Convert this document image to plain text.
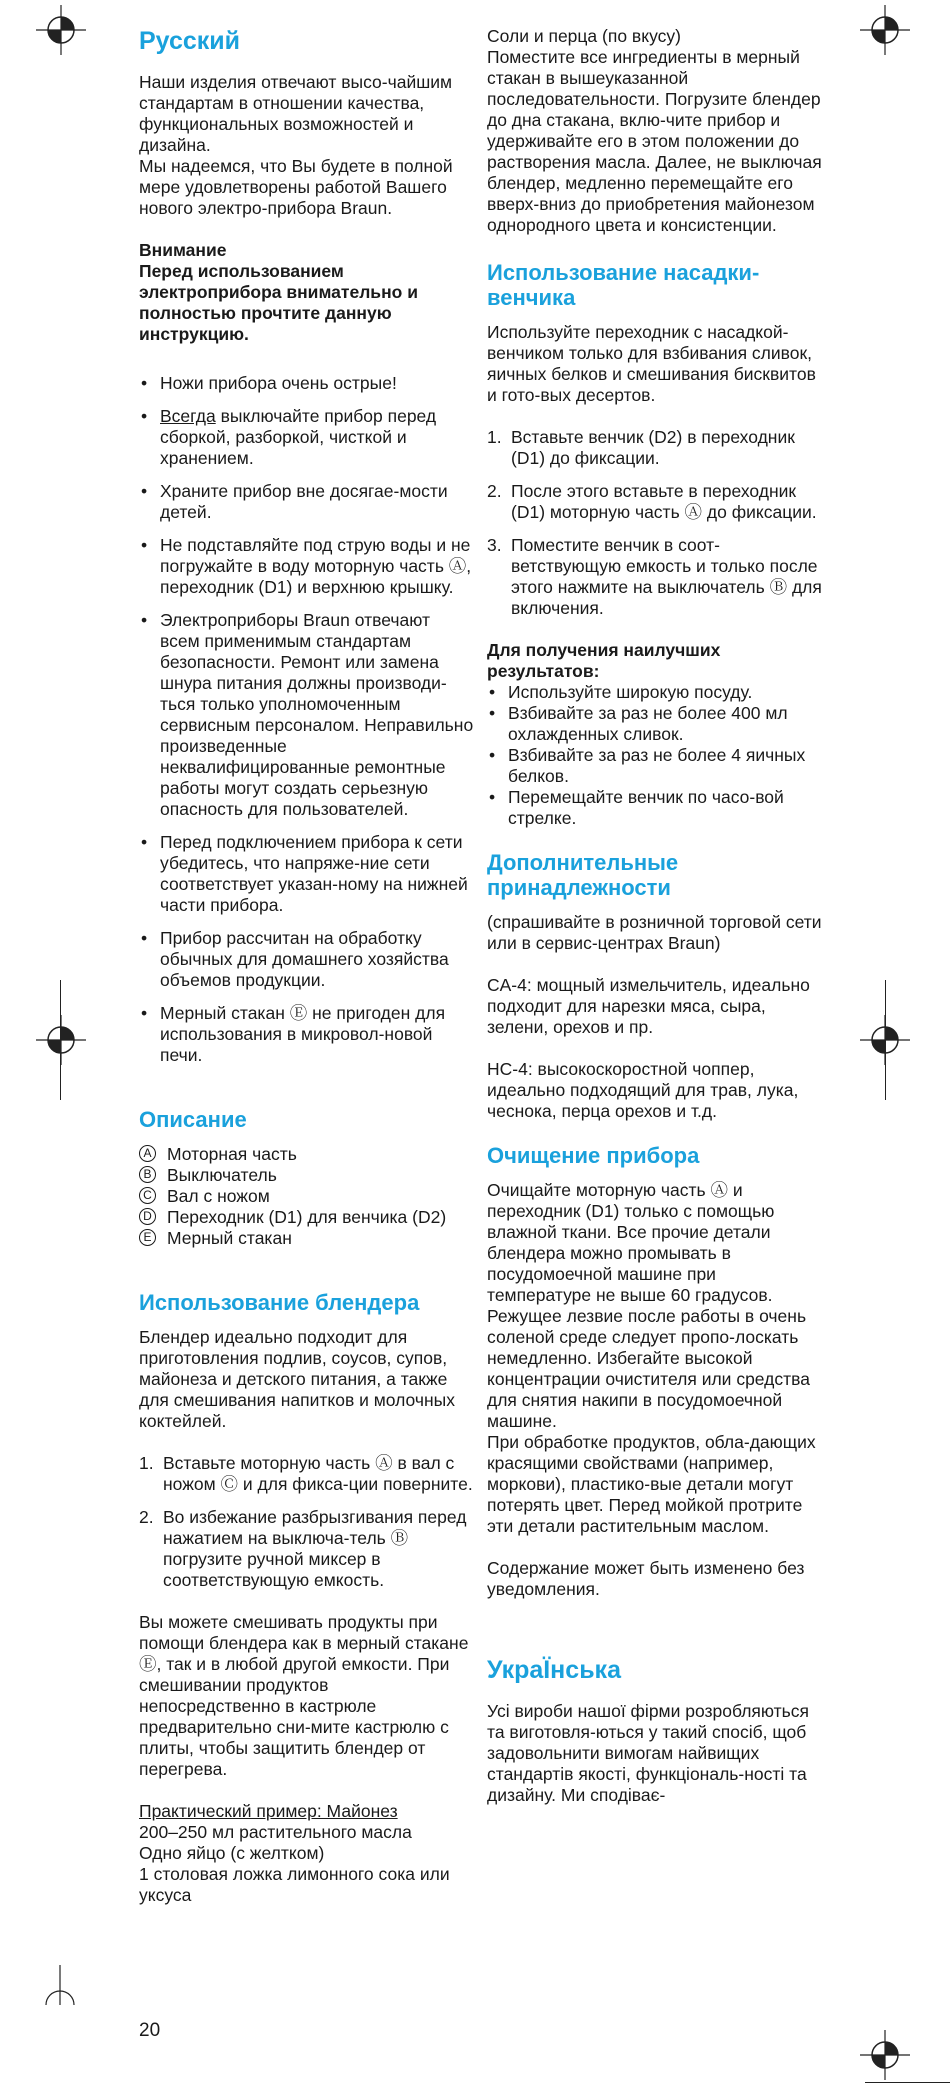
Русский

Наши изделия отвечают высо-чайшим стандартам в отношении качества, функциональных возможностей и дизайна.

Мы надеемся, что Вы будете в полной мере удовлетворены работой Вашего нового электро-прибора Braun.

Внимание

Перед использованием электроприбора внимательно и полностью прочтите данную инструкцию.

• Ножи прибора очень острые!
• Всегда выключайте прибор перед сборкой, разборкой, чисткой и хранением.
• Храните прибор вне досягае-мости детей.
• Не подставляйте под струю воды и не погружайте в воду моторную часть Ⓐ, переходник (D1) и верхнюю крышку.
• Электроприборы Braun отвечают всем применимым стандартам безопасности. Ремонт или замена шнура питания должны производи-ться только уполномоченным сервисным персоналом. Неправильно произведенные неквалифицированные ремонтные работы могут создать серьезную опасность для пользователей.
• Перед подключением прибора к сети убедитесь, что напряже-ние сети соответствует указан-ному на нижней части прибора.
• Прибор рассчитан на обработку обычных для домашнего хозяйства объемов продукции.
• Мерный стакан Ⓔ не пригоден для использования в микровол-новой печи.
Описание
A Моторная часть
B Выключатель
C Вал с ножом
D Переходник (D1) для венчика (D2)
E Мерный стакан
Использование блендера

Блендер идеально подходит для приготовления подлив, соусов, супов, майонеза и детского питания, а также для смешивания напитков и молочных коктейлей.

1. Вставьте моторную часть Ⓐ в вал с ножом Ⓒ и для фикса-ции поверните.
2. Во избежание разбрызгивания перед нажатием на выключа-тель Ⓑ погрузите ручной миксер в соответствующую емкость.

Вы можете смешивать продукты при помощи блендера как в мерный стакане Ⓔ, так и в любой другой емкости. При смешивании продуктов непосредственно в кастрюле предварительно сни-мите кастрюлю с плиты, чтобы защитить блендер от перегрева.

Практический пример: Майонез

200–250 мл растительного масла

Одно яйцо (с желтком)

1 столовая ложка лимонного сока или уксуса

Соли и перца (по вкусу)

Поместите все ингредиенты в мерный стакан в вышеуказанной последовательности. Погрузите блендер до дна стакана, вклю-чите прибор и удерживайте его в этом положении до растворения масла. Далее, не выключая блендер, медленно перемещайте его вверх-вниз до приобретения майонезом однородного цвета и консистенции.

Использование насадки-венчика

Используйте переходник с насадкой-венчиком только для взбивания сливок, яичных белков и смешивания бисквитов и гото-вых десертов.

1. Вставьте венчик (D2) в переходник (D1) до фиксации.
2. После этого вставьте в переходник (D1) моторную часть Ⓐ до фиксации.
3. Поместите венчик в соот-ветствующую емкость и только после этого нажмите на выключатель Ⓑ для включения.

Для получения наилучших результатов:

• Используйте широкую посуду.
• Взбивайте за раз не более 400 мл охлажденных сливок.
• Взбивайте за раз не более 4 яичных белков.
• Перемещайте венчик по часо-вой стрелке.
Дополнительные принадлежности

(спрашивайте в розничной торговой сети или в сервис-центрах Braun)

CA-4: мощный измельчитель, идеально подходит для нарезки мяса, сыра, зелени, орехов и пр.

HC-4: высокоскоростной чоппер, идеально подходящий для трав, лука, чеснока, перца орехов и т.д.

Очищение прибора

Очищайте моторную часть Ⓐ и переходник (D1) только с помощью влажной ткани. Все прочие детали блендера можно промывать в посудомоечной машине при температуре не выше 60 градусов. Режущее лезвие после работы в очень соленой среде следует пропо-лоскать немедленно. Избегайте высокой концентрации очистителя или средства для снятия накипи в посудомоечной машине.

При обработке продуктов, обла-дающих красящими свойствами (например, моркови), пластико-вые детали могут потерять цвет. Перед мойкой протрите эти детали растительным маслом.

Содержание может быть изменено без уведомления.

УкраЇнська

Усі вироби нашої фірми розробляються та виготовля-ються у такий спосіб, щоб задовольнити вимогам найвищих стандартів якості, функціональ-ності та дизайну. Ми сподіває-

20
